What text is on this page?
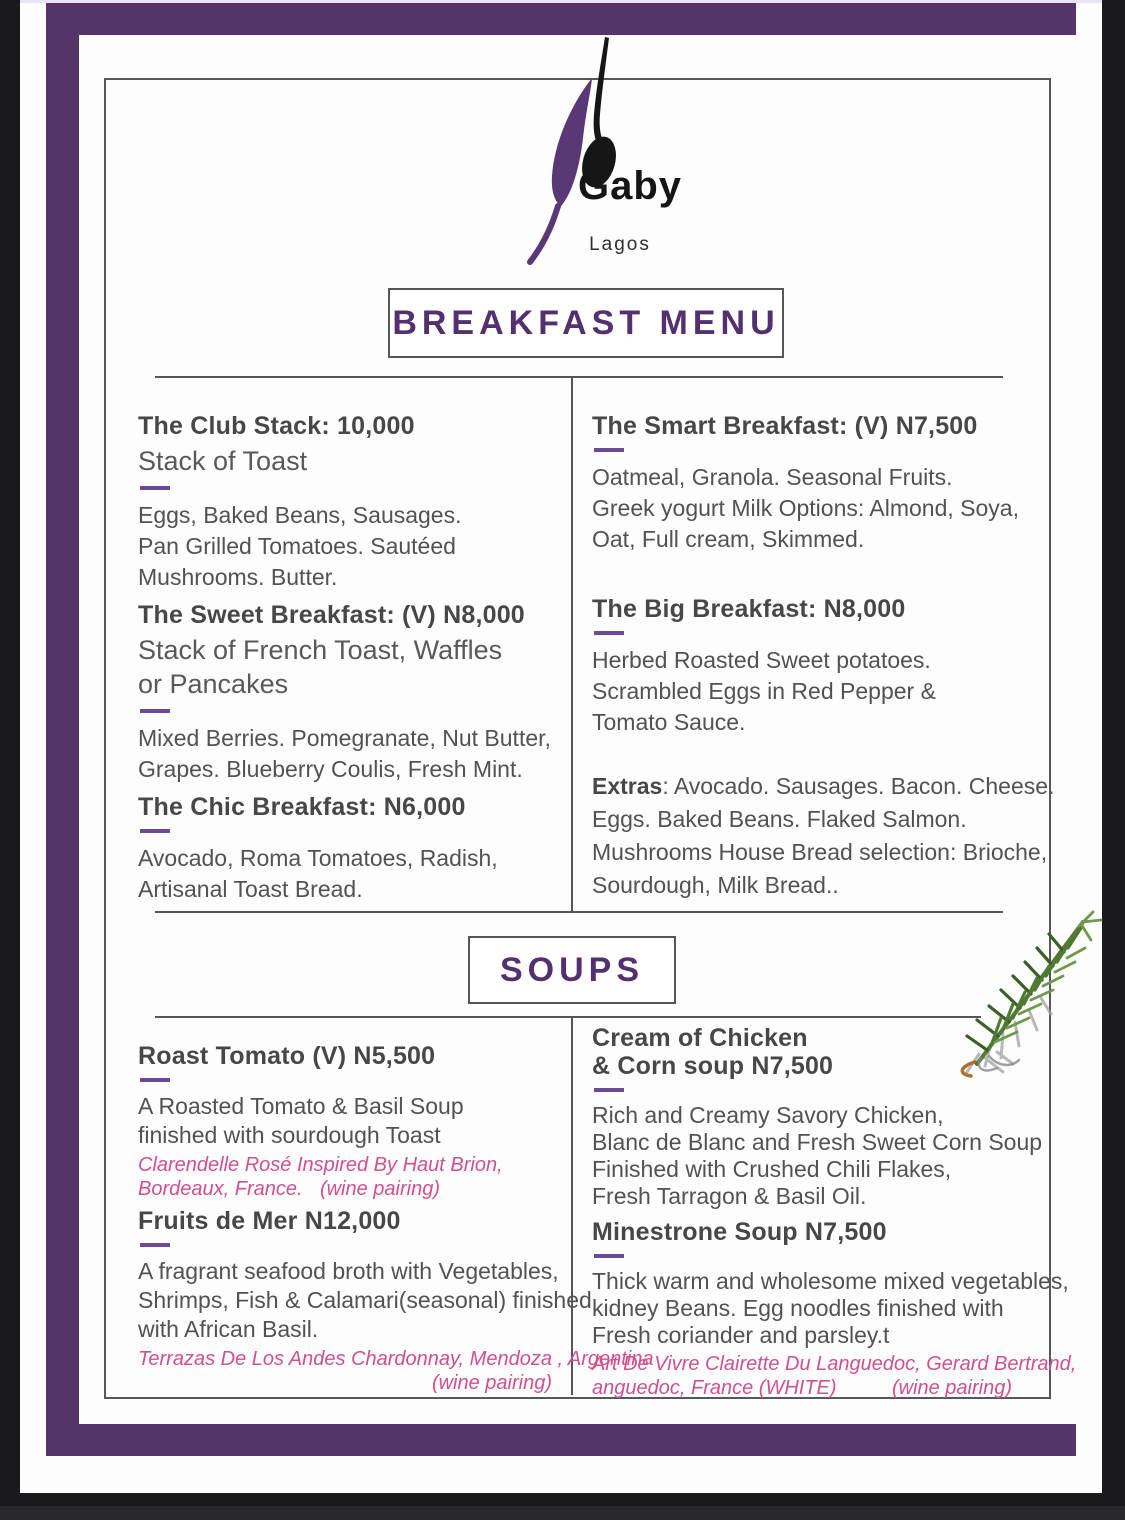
Gaby
Lagos
BREAKFAST MENU
SOUPS
The Club Stack: 10,000
Stack of Toast
Eggs, Baked Beans, Sausages.
Pan Grilled Tomatoes. Sautéed
Mushrooms. Butter.
The Sweet Breakfast: (V) N8,000
Stack of French Toast, Waffles
or Pancakes
Mixed Berries. Pomegranate, Nut Butter,
Grapes. Blueberry Coulis, Fresh Mint.
The Chic Breakfast: N6,000
Avocado, Roma Tomatoes, Radish,
Artisanal Toast Bread.
The Smart Breakfast: (V) N7,500
Oatmeal, Granola. Seasonal Fruits.
Greek yogurt Milk Options: Almond, Soya,
Oat, Full cream, Skimmed.
The Big Breakfast: N8,000
Herbed Roasted Sweet potatoes.
Scrambled Eggs in Red Pepper &
Tomato Sauce.
Extras: Avocado. Sausages. Bacon. Cheese.
Eggs. Baked Beans. Flaked Salmon.
Mushrooms House Bread selection: Brioche,
Sourdough, Milk Bread..
Roast Tomato (V) N5,500
A Roasted Tomato & Basil Soup
finished with sourdough Toast
Clarendelle Rosé Inspired By Haut Brion,
Bordeaux, France. (wine pairing)
Fruits de Mer N12,000
A fragrant seafood broth with Vegetables,
Shrimps, Fish & Calamari(seasonal) finished
with African Basil.
Terrazas De Los Andes Chardonnay, Mendoza , Argentina
(wine pairing)
Cream of Chicken
& Corn soup N7,500
Rich and Creamy Savory Chicken,
Blanc de Blanc and Fresh Sweet Corn Soup
Finished with Crushed Chili Flakes,
Fresh Tarragon & Basil Oil.
Minestrone Soup N7,500
Thick warm and wholesome mixed vegetables,
kidney Beans. Egg noodles finished with
Fresh coriander and parsley.t
Art De Vivre Clairette Du Languedoc, Gerard Bertrand,
anguedoc, France (WHITE)	(wine pairing)
